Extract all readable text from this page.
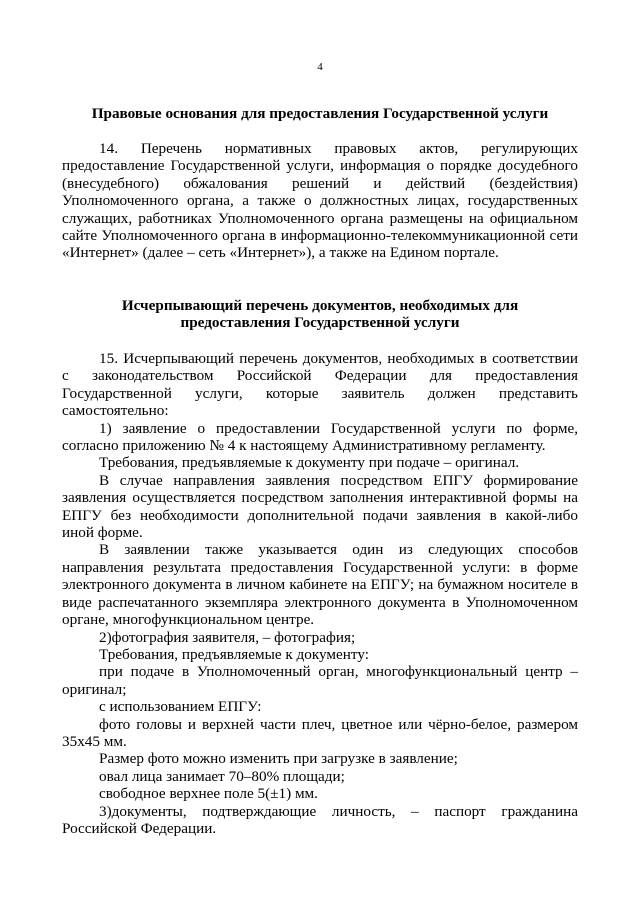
4
Правовые основания для предоставления Государственной услуги

14. Перечень нормативных правовых актов, регулирующих предоставление Государственной услуги, информация о порядке досудебного (внесудебного) обжалования решений и действий (бездействия) Уполномоченного органа, а также о должностных лицах, государственных служащих, работниках Уполномоченного органа размещены на официальном сайте Уполномоченного органа в информационно-телекоммуникационной сети «Интернет» (далее – сеть «Интернет»), а также на Едином портале.

Исчерпывающий перечень документов, необходимых для
предоставления Государственной услуги

15. Исчерпывающий перечень документов, необходимых в соответствии с законодательством Российской Федерации для предоставления Государственной услуги, которые заявитель должен представить самостоятельно:

1) заявление о предоставлении Государственной услуги по форме, согласно приложению № 4 к настоящему Административному регламенту.

Требования, предъявляемые к документу при подаче – оригинал.

В случае направления заявления посредством ЕПГУ формирование заявления осуществляется посредством заполнения интерактивной формы на ЕПГУ без необходимости дополнительной подачи заявления в какой-либо иной форме.

В заявлении также указывается один из следующих способов направления результата предоставления Государственной услуги: в форме электронного документа в личном кабинете на ЕПГУ; на бумажном носителе в виде распечатанного экземпляра электронного документа в Уполномоченном органе, многофункциональном центре.

2)фотография заявителя, – фотография;

Требования, предъявляемые к документу:

при подаче в Уполномоченный орган, многофункциональный центр – оригинал;

с использованием ЕПГУ:

фото головы и верхней части плеч, цветное или чёрно-белое, размером 35х45 мм.

Размер фото можно изменить при загрузке в заявление;

овал лица занимает 70–80% площади;

свободное верхнее поле 5(±1) мм.

3)документы, подтверждающие личность, – паспорт гражданина Российской Федерации.
